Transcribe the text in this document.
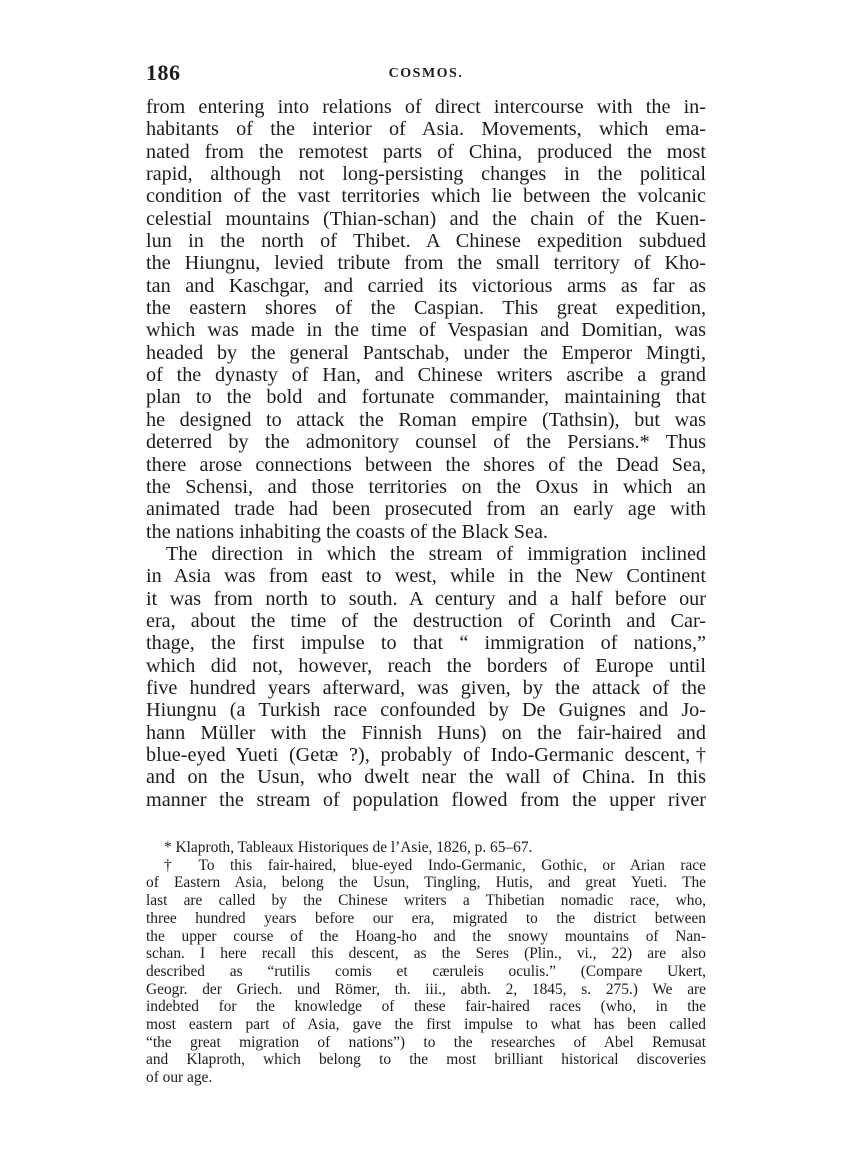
186	COSMOS.
from entering into relations of direct intercourse with the in-
habitants of the interior of Asia. Movements, which ema-
nated from the remotest parts of China, produced the most
rapid, although not long-persisting changes in the political
condition of the vast territories which lie between the volcanic
celestial mountains (Thian-schan) and the chain of the Kuen-
lun in the north of Thibet. A Chinese expedition subdued
the Hiungnu, levied tribute from the small territory of Kho-
tan and Kaschgar, and carried its victorious arms as far as
the eastern shores of the Caspian. This great expedition,
which was made in the time of Vespasian and Domitian, was
headed by the general Pantschab, under the Emperor Mingti,
of the dynasty of Han, and Chinese writers ascribe a grand
plan to the bold and fortunate commander, maintaining that
he designed to attack the Roman empire (Tathsin), but was
deterred by the admonitory counsel of the Persians.* Thus
there arose connections between the shores of the Dead Sea,
the Schensi, and those territories on the Oxus in which an
animated trade had been prosecuted from an early age with
the nations inhabiting the coasts of the Black Sea.
The direction in which the stream of immigration inclined
in Asia was from east to west, while in the New Continent
it was from north to south. A century and a half before our
era, about the time of the destruction of Corinth and Car-
thage, the first impulse to that “ immigration of nations,”
which did not, however, reach the borders of Europe until
five hundred years afterward, was given, by the attack of the
Hiungnu (a Turkish race confounded by De Guignes and Jo-
hann Müller with the Finnish Huns) on the fair-haired and
blue-eyed Yueti (Getæ ?), probably of Indo-Germanic descent,†
and on the Usun, who dwelt near the wall of China. In this
manner the stream of population flowed from the upper river
* Klaproth, Tableaux Historiques de l’Asie, 1826, p. 65–67.
† To this fair-haired, blue-eyed Indo-Germanic, Gothic, or Arian race
of Eastern Asia, belong the Usun, Tingling, Hutis, and great Yueti. The
last are called by the Chinese writers a Thibetian nomadic race, who,
three hundred years before our era, migrated to the district between
the upper course of the Hoang-ho and the snowy mountains of Nan-
schan. I here recall this descent, as the Seres (Plin., vi., 22) are also
described as “rutilis comis et cæruleis oculis.” (Compare Ukert,
Geogr. der Griech. und Römer, th. iii., abth. 2, 1845, s. 275.) We are
indebted for the knowledge of these fair-haired races (who, in the
most eastern part of Asia, gave the first impulse to what has been called
“the great migration of nations”) to the researches of Abel Remusat
and Klaproth, which belong to the most brilliant historical discoveries
of our age.
